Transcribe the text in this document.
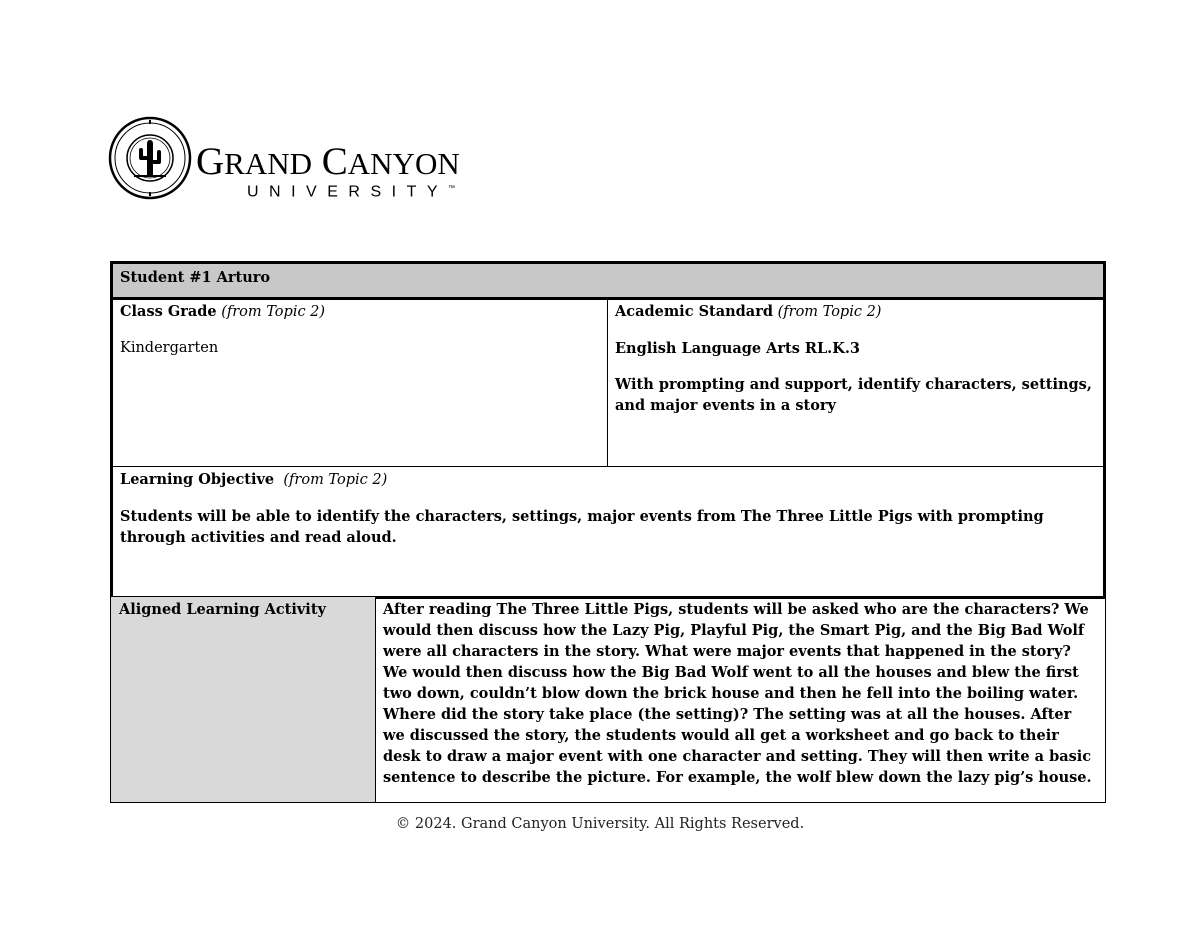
GRAND CANYON
UNIVERSITY™
Student #1 Arturo

Class Grade (from Topic 2)

Kindergarten

Academic Standard (from Topic 2)

English Language Arts RL.K.3

With prompting and support, identify characters, settings, and major events in a story

Learning Objective (from Topic 2)

Students will be able to identify the characters, settings, major events from The Three Little Pigs with prompting through activities and read aloud.

Aligned Learning Activity	After reading The Three Little Pigs, students will be asked who are the characters? We would then discuss how the Lazy Pig, Playful Pig, the Smart Pig, and the Big Bad Wolf were all characters in the story. What were major events that happened in the story? We would then discuss how the Big Bad Wolf went to all the houses and blew the first two down, couldn’t blow down the brick house and then he fell into the boiling water. Where did the story take place (the setting)? The setting was at all the houses. After we discussed the story, the students would all get a worksheet and go back to their desk to draw a major event with one character and setting. They will then write a basic sentence to describe the picture. For example, the wolf blew down the lazy pig’s house.

© 2024. Grand Canyon University. All Rights Reserved.
